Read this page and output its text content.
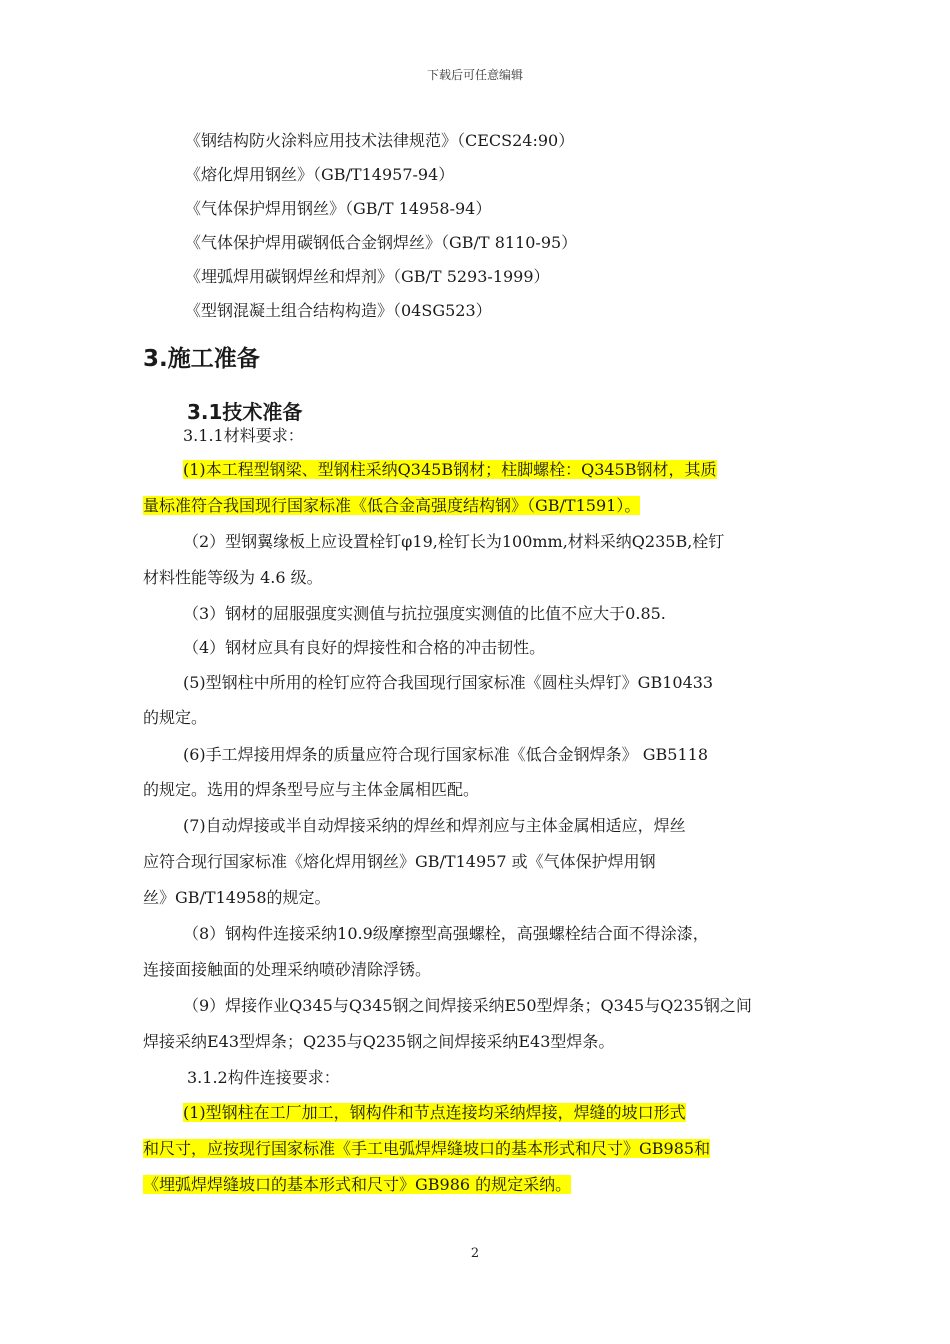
下载后可任意编辑
《钢结构防火涂料应用技术法律规范》（CECS24:90）
《熔化焊用钢丝》（GB/T14957-94）
《气体保护焊用钢丝》（GB/T 14958-94）
《气体保护焊用碳钢低合金钢焊丝》（GB/T 8110-95）
《埋弧焊用碳钢焊丝和焊剂》（GB/T 5293-1999）
《型钢混凝土组合结构构造》（04SG523）
3.施工准备
3.1技术准备
3.1.1材料要求：
(1)本工程型钢梁、型钢柱采纳Q345B钢材；柱脚螺栓：Q345B钢材，其质
量标准符合我国现行国家标准《低合金高强度结构钢》（GB/T1591）。
（2）型钢翼缘板上应设置栓钉φ19,栓钉长为100mm,材料采纳Q235B,栓钉
材料性能等级为 4.6 级。
（3）钢材的屈服强度实测值与抗拉强度实测值的比值不应大于0.85.
（4）钢材应具有良好的焊接性和合格的冲击韧性。
(5)型钢柱中所用的栓钉应符合我国现行国家标准《圆柱头焊钉》GB10433
的规定。
(6)手工焊接用焊条的质量应符合现行国家标准《低合金钢焊条》 GB5118
的规定。选用的焊条型号应与主体金属相匹配。
(7)自动焊接或半自动焊接采纳的焊丝和焊剂应与主体金属相适应，焊丝
应符合现行国家标准《熔化焊用钢丝》GB/T14957 或《气体保护焊用钢
丝》GB/T14958的规定。
（8）钢构件连接采纳10.9级摩擦型高强螺栓，高强螺栓结合面不得涂漆，
连接面接触面的处理采纳喷砂清除浮锈。
（9）焊接作业Q345与Q345钢之间焊接采纳E50型焊条；Q345与Q235钢之间
焊接采纳E43型焊条；Q235与Q235钢之间焊接采纳E43型焊条。
3.1.2构件连接要求：
(1)型钢柱在工厂加工，钢构件和节点连接均采纳焊接，焊缝的坡口形式
和尺寸，应按现行国家标准《手工电弧焊焊缝坡口的基本形式和尺寸》GB985和
《埋弧焊焊缝坡口的基本形式和尺寸》GB986 的规定采纳。
2
